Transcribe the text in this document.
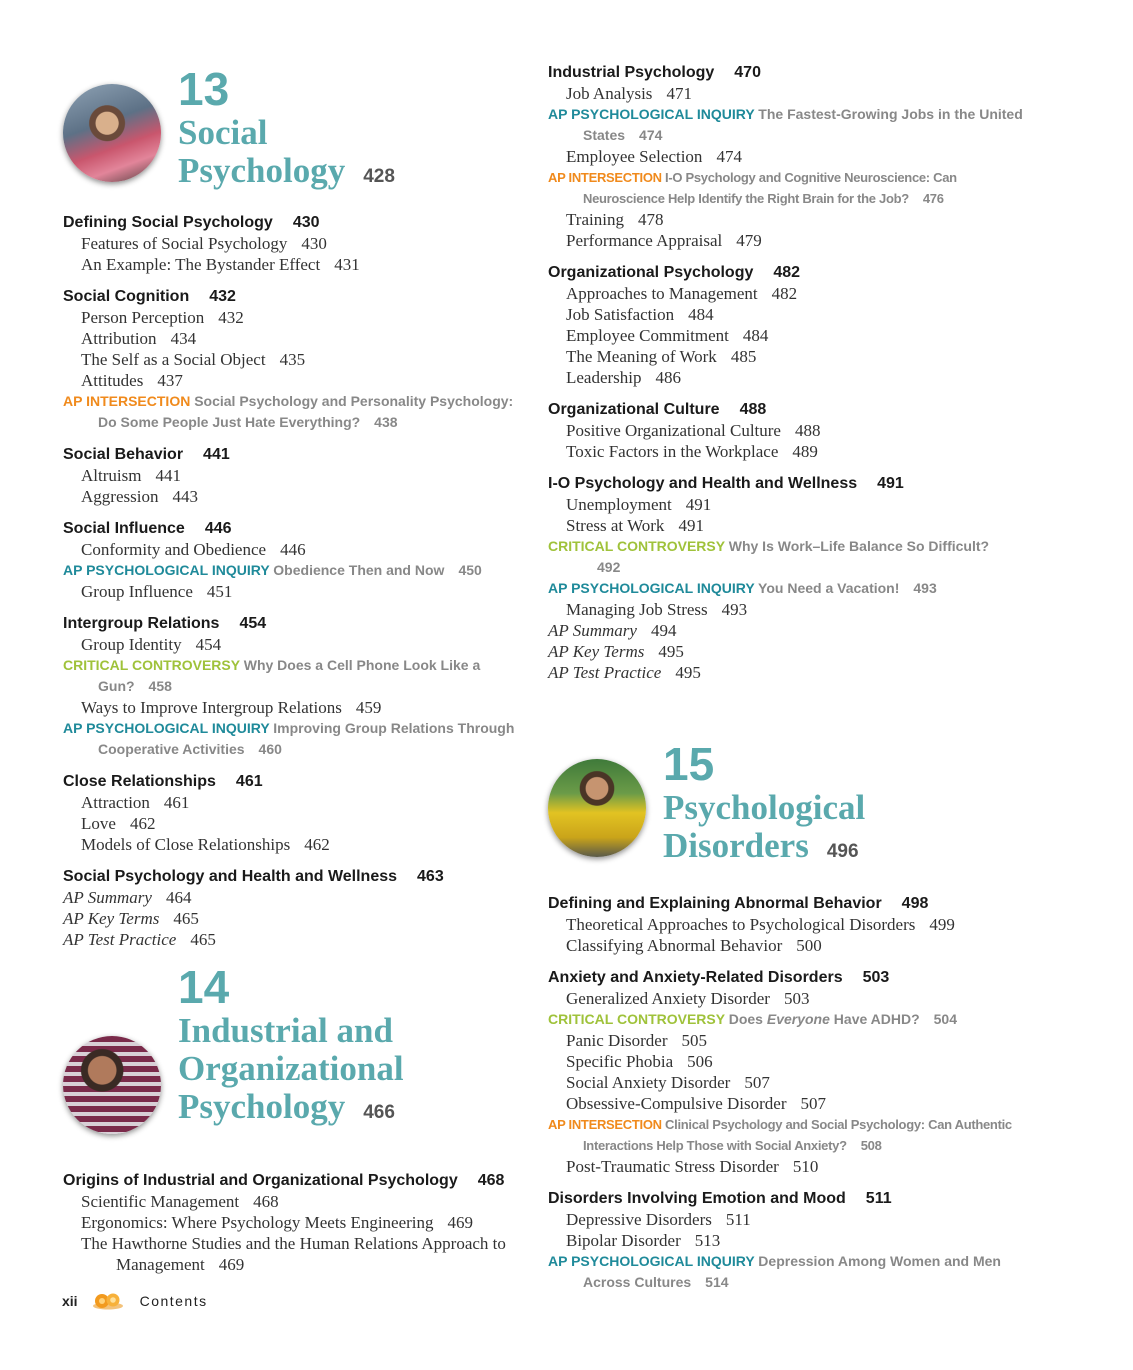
13
Social
Psychology 428
Defining Social Psychology 430
Features of Social Psychology 430
An Example: The Bystander Effect 431
Social Cognition 432
Person Perception 432
Attribution 434
The Self as a Social Object 435
Attitudes 437
AP INTERSECTION Social Psychology and Personality Psychology: Do Some People Just Hate Everything? 438
Social Behavior 441
Altruism 441
Aggression 443
Social Influence 446
Conformity and Obedience 446
AP PSYCHOLOGICAL INQUIRY Obedience Then and Now 450
Group Influence 451
Intergroup Relations 454
Group Identity 454
CRITICAL CONTROVERSY Why Does a Cell Phone Look Like a Gun? 458
Ways to Improve Intergroup Relations 459
AP PSYCHOLOGICAL INQUIRY Improving Group Relations Through Cooperative Activities 460
Close Relationships 461
Attraction 461
Love 462
Models of Close Relationships 462
Social Psychology and Health and Wellness 463
AP Summary 464
AP Key Terms 465
AP Test Practice 465
14
Industrial and
Organizational
Psychology 466
Origins of Industrial and Organizational Psychology 468
Scientific Management 468
Ergonomics: Where Psychology Meets Engineering 469
The Hawthorne Studies and the Human Relations Approach to Management 469
Industrial Psychology 470
Job Analysis 471
AP PSYCHOLOGICAL INQUIRY The Fastest-Growing Jobs in the United States 474
Employee Selection 474
AP INTERSECTION I-O Psychology and Cognitive Neuroscience: Can Neuroscience Help Identify the Right Brain for the Job? 476
Training 478
Performance Appraisal 479
Organizational Psychology 482
Approaches to Management 482
Job Satisfaction 484
Employee Commitment 484
The Meaning of Work 485
Leadership 486
Organizational Culture 488
Positive Organizational Culture 488
Toxic Factors in the Workplace 489
I-O Psychology and Health and Wellness 491
Unemployment 491
Stress at Work 491
CRITICAL CONTROVERSY Why Is Work–Life Balance So Difficult?492
AP PSYCHOLOGICAL INQUIRY You Need a Vacation! 493
Managing Job Stress 493
AP Summary 494
AP Key Terms 495
AP Test Practice 495
15
Psychological
Disorders 496
Defining and Explaining Abnormal Behavior 498
Theoretical Approaches to Psychological Disorders 499
Classifying Abnormal Behavior 500
Anxiety and Anxiety-Related Disorders 503
Generalized Anxiety Disorder 503
CRITICAL CONTROVERSY Does Everyone Have ADHD? 504
Panic Disorder 505
Specific Phobia 506
Social Anxiety Disorder 507
Obsessive-Compulsive Disorder 507
AP INTERSECTION Clinical Psychology and Social Psychology: Can Authentic Interactions Help Those with Social Anxiety? 508
Post-Traumatic Stress Disorder 510
Disorders Involving Emotion and Mood 511
Depressive Disorders 511
Bipolar Disorder 513
AP PSYCHOLOGICAL INQUIRY Depression Among Women and Men Across Cultures 514
xii	Contents
